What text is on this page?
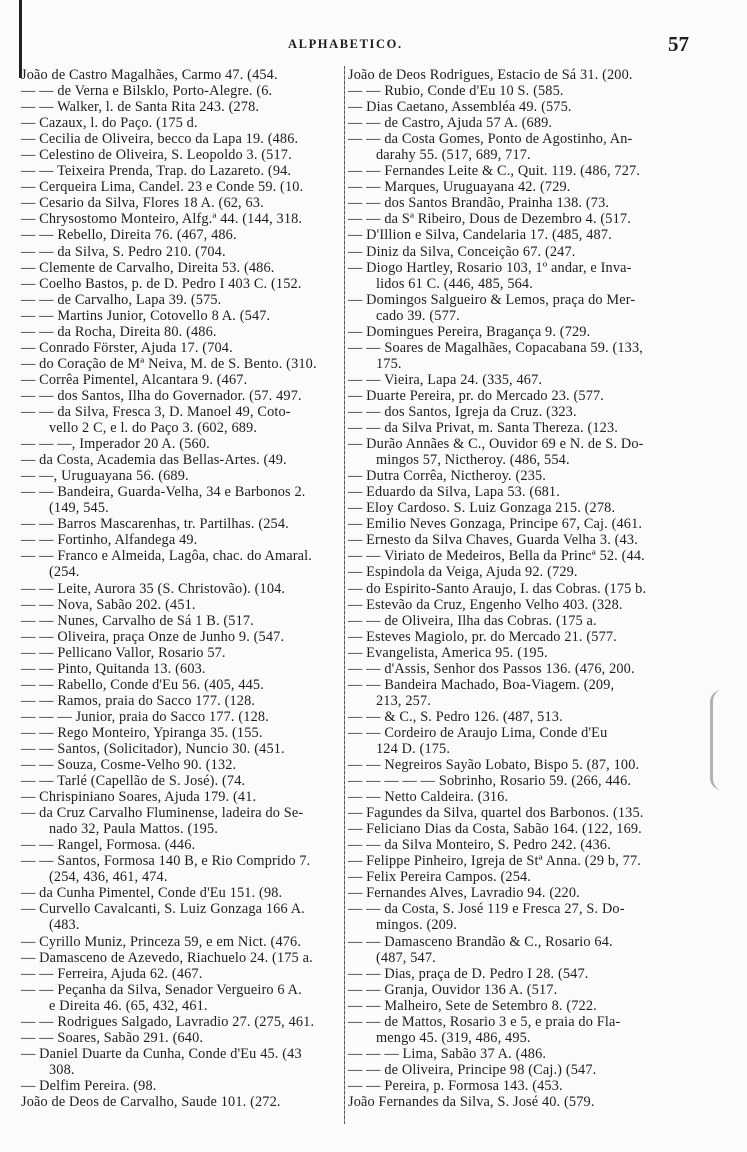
ALPHABETICO.	57
João de Castro Magalhães, Carmo 47. (454.
— — de Verna e Bilsklo, Porto-Alegre. (6.
— — Walker, l. de Santa Rita 243. (278.
— Cazaux, l. do Paço. (175 d.
— Cecilia de Oliveira, becco da Lapa 19. (486.
— Celestino de Oliveira, S. Leopoldo 3. (517.
— — Teixeira Prenda, Trap. do Lazareto. (94.
— Cerqueira Lima, Candel. 23 e Conde 59. (10.
— Cesario da Silva, Flores 18 A. (62, 63.
— Chrysostomo Monteiro, Alfg.ª 44. (144, 318.
— — Rebello, Direita 76. (467, 486.
— — da Silva, S. Pedro 210. (704.
— Clemente de Carvalho, Direita 53. (486.
— Coelho Bastos, p. de D. Pedro I 403 C. (152.
— — de Carvalho, Lapa 39. (575.
— — Martins Junior, Cotovello 8 A. (547.
— — da Rocha, Direita 80. (486.
— Conrado Förster, Ajuda 17. (704.
— do Coração de Mª Neiva, M. de S. Bento. (310.
— Corrêa Pimentel, Alcantara 9. (467.
— — dos Santos, Ilha do Governador. (57. 497.
— — da Silva, Fresca 3, D. Manoel 49, Coto-
vello 2 C, e l. do Paço 3. (602, 689.
— — —, Imperador 20 A. (560.
— da Costa, Academia das Bellas-Artes. (49.
— —, Uruguayana 56. (689.
— — Bandeira, Guarda-Velha, 34 e Barbonos 2.
(149, 545.
— — Barros Mascarenhas, tr. Partilhas. (254.
— — Fortinho, Alfandega 49.
— — Franco e Almeida, Lagôa, chac. do Amaral.
(254.
— — Leite, Aurora 35 (S. Christovão). (104.
— — Nova, Sabão 202. (451.
— — Nunes, Carvalho de Sá 1 B. (517.
— — Oliveira, praça Onze de Junho 9. (547.
— — Pellicano Vallor, Rosario 57.
— — Pinto, Quitanda 13. (603.
— — Rabello, Conde d'Eu 56. (405, 445.
— — Ramos, praia do Sacco 177. (128.
— — — Junior, praia do Sacco 177. (128.
— — Rego Monteiro, Ypiranga 35. (155.
— — Santos, (Solicitador), Nuncio 30. (451.
— — Souza, Cosme-Velho 90. (132.
— — Tarlé (Capellão de S. José). (74.
— Chrispiniano Soares, Ajuda 179. (41.
— da Cruz Carvalho Fluminense, ladeira do Se-
nado 32, Paula Mattos. (195.
— — Rangel, Formosa. (446.
— — Santos, Formosa 140 B, e Rio Comprido 7.
(254, 436, 461, 474.
— da Cunha Pimentel, Conde d'Eu 151. (98.
— Curvello Cavalcanti, S. Luiz Gonzaga 166 A.
(483.
— Cyrillo Muniz, Princeza 59, e em Nict. (476.
— Damasceno de Azevedo, Riachuelo 24. (175 a.
— — Ferreira, Ajuda 62. (467.
— — Peçanha da Silva, Senador Vergueiro 6 A.
e Direita 46. (65, 432, 461.
— — Rodrigues Salgado, Lavradio 27. (275, 461.
— — Soares, Sabão 291. (640.
— Daniel Duarte da Cunha, Conde d'Eu 45. (43
308.
— Delfim Pereira. (98.
João de Deos de Carvalho, Saude 101. (272.
João de Deos Rodrigues, Estacio de Sá 31. (200.
— — Rubio, Conde d'Eu 10 S. (585.
— Dias Caetano, Assembléa 49. (575.
— — de Castro, Ajuda 57 A. (689.
— — da Costa Gomes, Ponto de Agostinho, An-
darahy 55. (517, 689, 717.
— — Fernandes Leite & C., Quit. 119. (486, 727.
— — Marques, Uruguayana 42. (729.
— — dos Santos Brandão, Prainha 138. (73.
— — da Sª Ribeiro, Dous de Dezembro 4. (517.
— D'Illion e Silva, Candelaria 17. (485, 487.
— Diniz da Silva, Conceição 67. (247.
— Diogo Hartley, Rosario 103, 1º andar, e Inva-
lidos 61 C. (446, 485, 564.
— Domingos Salgueiro & Lemos, praça do Mer-
cado 39. (577.
— Domingues Pereira, Bragança 9. (729.
— — Soares de Magalhães, Copacabana 59. (133,
175.
— — Vieira, Lapa 24. (335, 467.
— Duarte Pereira, pr. do Mercado 23. (577.
— — dos Santos, Igreja da Cruz. (323.
— — da Silva Privat, m. Santa Thereza. (123.
— Durão Annães & C., Ouvidor 69 e N. de S. Do-
mingos 57, Nictheroy. (486, 554.
— Dutra Corrêa, Nictheroy. (235.
— Eduardo da Silva, Lapa 53. (681.
— Eloy Cardoso. S. Luiz Gonzaga 215. (278.
— Emilio Neves Gonzaga, Principe 67, Caj. (461.
— Ernesto da Silva Chaves, Guarda Velha 3. (43.
— — Viriato de Medeiros, Bella da Princª 52. (44.
— Espindola da Veiga, Ajuda 92. (729.
— do Espirito-Santo Araujo, I. das Cobras. (175 b.
— Estevão da Cruz, Engenho Velho 403. (328.
— — de Oliveira, Ilha das Cobras. (175 a.
— Esteves Magiolo, pr. do Mercado 21. (577.
— Evangelista, America 95. (195.
— — d'Assis, Senhor dos Passos 136. (476, 200.
— — Bandeira Machado, Boa-Viagem. (209,
213, 257.
— — & C., S. Pedro 126. (487, 513.
— — Cordeiro de Araujo Lima, Conde d'Eu
124 D. (175.
— — Negreiros Sayão Lobato, Bispo 5. (87, 100.
— — — — — Sobrinho, Rosario 59. (266, 446.
— — Netto Caldeira. (316.
— Fagundes da Silva, quartel dos Barbonos. (135.
— Feliciano Dias da Costa, Sabão 164. (122, 169.
— — da Silva Monteiro, S. Pedro 242. (436.
— Felippe Pinheiro, Igreja de Stª Anna. (29 b, 77.
— Felix Pereira Campos. (254.
— Fernandes Alves, Lavradio 94. (220.
— — da Costa, S. José 119 e Fresca 27, S. Do-
mingos. (209.
— — Damasceno Brandão & C., Rosario 64.
(487, 547.
— — Dias, praça de D. Pedro I 28. (547.
— — Granja, Ouvidor 136 A. (517.
— — Malheiro, Sete de Setembro 8. (722.
— — de Mattos, Rosario 3 e 5, e praia do Fla-
mengo 45. (319, 486, 495.
— — — Lima, Sabão 37 A. (486.
— — de Oliveira, Principe 98 (Caj.) (547.
— — Pereira, p. Formosa 143. (453.
João Fernandes da Silva, S. José 40. (579.
